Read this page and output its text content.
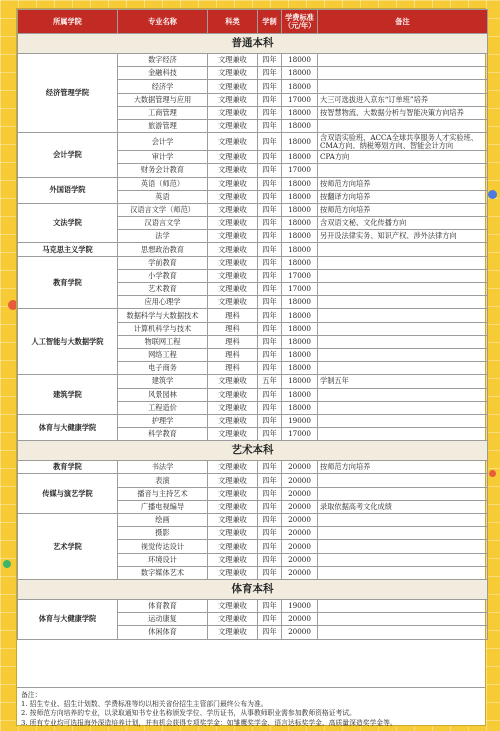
所属学院	专业名称	科类	学制	学费标准（元/年）	备注
普通本科					
经济管理学院	数字经济	文理兼收	四年	18000	
	金融科技	文理兼收	四年	18000	
	经济学	文理兼收	四年	18000	
	大数据管理与应用	文理兼收	四年	17000	大三可选拔进入京东“订单班”培养
	工商管理	文理兼收	四年	18000	按智慧物流、大数据分析与智能决策方向培养
	旅游管理	文理兼收	四年	18000	
会计学院	会计学	文理兼收	四年	18000	含双语实验班、ACCA全球共享服务人才实验班、CMA方向、纳税筹划方向、智能会计方向
	审计学	文理兼收	四年	18000	CPA方向
	财务会计教育	文理兼收	四年	17000	
外国语学院	英语（师范）	文理兼收	四年	18000	按师范方向培养
	英语	文理兼收	四年	18000	按翻译方向培养
文法学院	汉语言文学（师范）	文理兼收	四年	18000	按师范方向培养
	汉语言文学	文理兼收	四年	18000	含双语文秘、文化传播方向
	法学	文理兼收	四年	18000	另开设法律实务、知识产权、涉外法律方向
马克思主义学院	思想政治教育	文理兼收	四年	18000	
教育学院	学前教育	文理兼收	四年	18000	
	小学教育	文理兼收	四年	17000	
	艺术教育	文理兼收	四年	17000	
	应用心理学	文理兼收	四年	18000	
人工智能与大数据学院	数据科学与大数据技术	理科	四年	18000	
	计算机科学与技术	理科	四年	18000	
	物联网工程	理科	四年	18000	
	网络工程	理科	四年	18000	
	电子商务	理科	四年	18000	
建筑学院	建筑学	文理兼收	五年	18000	学制五年
	风景园林	文理兼收	四年	18000	
	工程造价	文理兼收	四年	18000	
体育与大健康学院	护理学	文理兼收	四年	19000	
	科学教育	文理兼收	四年	17000	
艺术本科					
教育学院	书法学	文理兼收	四年	20000	按师范方向培养
传媒与演艺学院	表演	文理兼收	四年	20000	
	播音与主持艺术	文理兼收	四年	20000	
	广播电视编导	文理兼收	四年	20000	录取依据高考文化成绩
艺术学院	绘画	文理兼收	四年	20000	
	摄影	文理兼收	四年	20000	
	视觉传达设计	文理兼收	四年	20000	
	环境设计	文理兼收	四年	20000	
	数字媒体艺术	文理兼收	四年	20000	
体育本科					
体育与大健康学院	体育教育	文理兼收	四年	19000	
	运动康复	文理兼收	四年	20000	
	休闲体育	文理兼收	四年	20000	
备注：
1. 招生专业、招生计划数、学费标准等均以相关省份招生主管部门最终公布为准。
2. 按师范方向培养的专业，以录取通知书专业名称颁发学位、学历证书，从事教师职业需参加教师资格证考试。
3. 所有专业均可选报海外深造培养计划，并有机会获得专项奖学金：如雏鹰奖学金、语言达标奖学金、高质量深造奖学金等。
